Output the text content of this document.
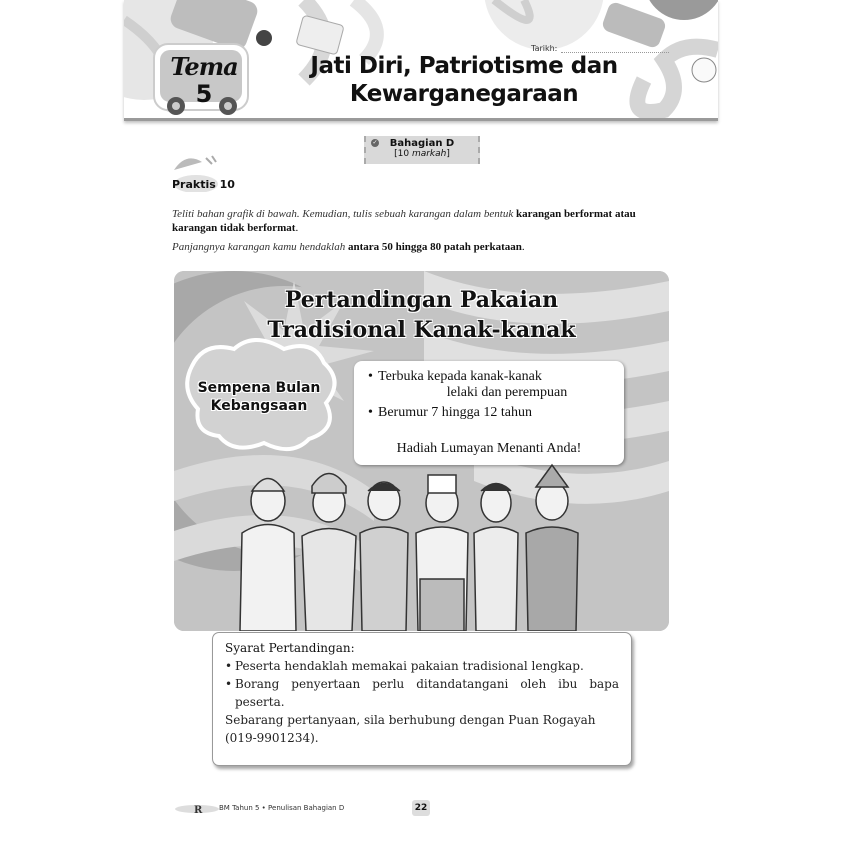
Tema
5
Tarikh:
Jati Diri, Patriotisme dan
Kewarganegaraan
✓	Bahagian D
[10 markah]
Praktis 10

Teliti bahan grafik di bawah. Kemudian, tulis sebuah karangan dalam bentuk karangan berformat atau karangan tidak berformat.

Panjangnya karangan kamu hendaklah antara 50 hingga 80 patah perkataan.

Pertandingan Pakaian
Tradisional Kanak-kanak
Sempena Bulan
Kebangsaan
• Terbuka kepada kanak-kanak
lelaki dan perempuan
• Berumur 7 hingga 12 tahun
Hadiah Lumayan Menanti Anda!
Syarat Pertandingan:
• Peserta hendaklah memakai pakaian tradisional lengkap.
• Borang penyertaan perlu ditandatangani oleh ibu bapa peserta.

Sebarang pertanyaan, sila berhubung dengan Puan Rogayah (019-9901234).

R BM Tahun 5 • Penulisan Bahagian D	22
